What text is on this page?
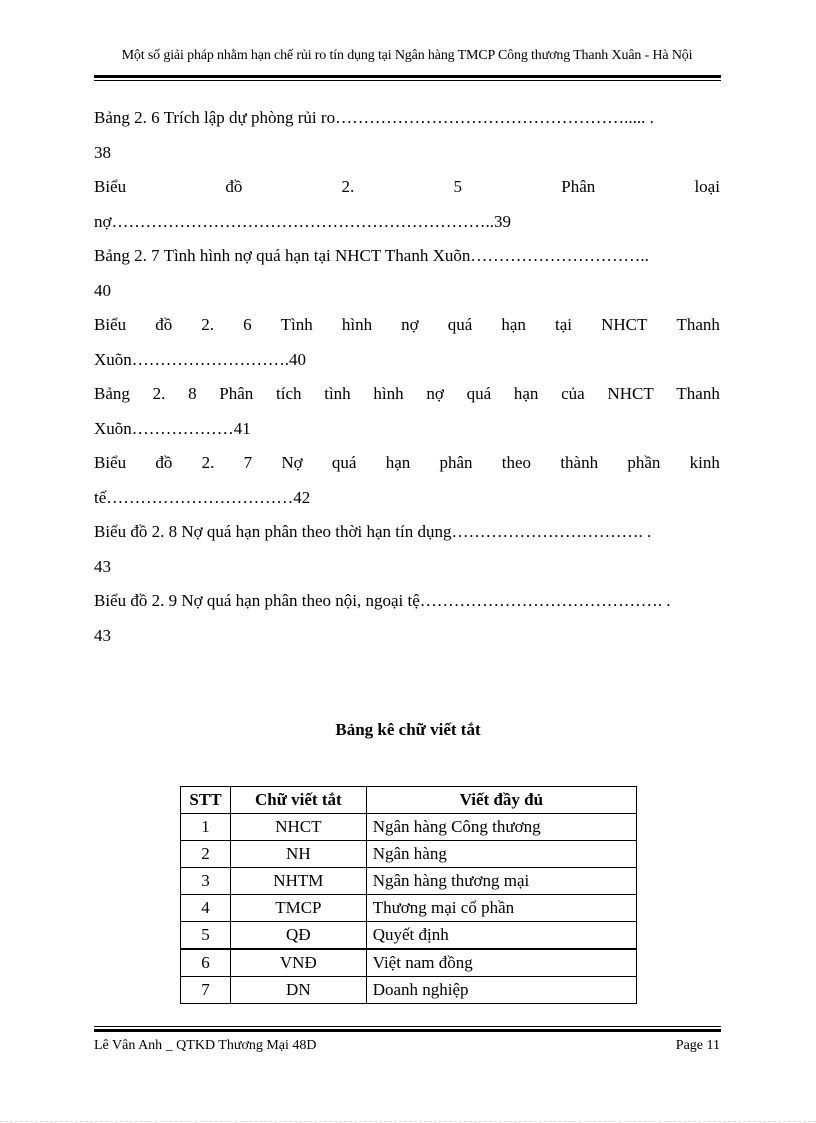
Một số giải pháp nhằm hạn chế rủi ro tín dụng tại Ngân hàng TMCP Công thương Thanh Xuân - Hà Nội
Bảng 2. 6 Trích lập dự phòng rủi ro……………………………………………..... .
38
Biểu	đồ	2.	5	Phân	loại
nợ…………………………………………………………..39
Bảng 2. 7 Tình hình nợ quá hạn tại NHCT Thanh Xuõn…………………………..
40
Biểu đồ 2. 6 Tình hình nợ quá hạn tại NHCT Thanh
Xuõn……………………….40
Bảng 2. 8 Phân tích tình hình nợ quá hạn của NHCT Thanh
Xuõn………………41
Biểu đồ 2. 7 Nợ quá hạn phân theo thành phần kinh
tế……………………………42
Biểu đồ 2. 8 Nợ quá hạn phân theo thời hạn tín dụng……………………………. .
43
Biểu đồ 2. 9 Nợ quá hạn phân theo nội, ngoại tệ……………………………………. .
43
Bảng kê chữ viết tắt
STT	Chữ viết tắt	Viết đầy đủ
1	NHCT	Ngân hàng Công thương
2	NH	Ngân hàng
3	NHTM	Ngân hàng thương mại
4	TMCP	Thương mại cổ phần
5	QĐ	Quyết định
6	VNĐ	Việt nam đồng
7	DN	Doanh nghiệp
Lê Vân Anh _ QTKD Thương Mại 48D	Page 11
